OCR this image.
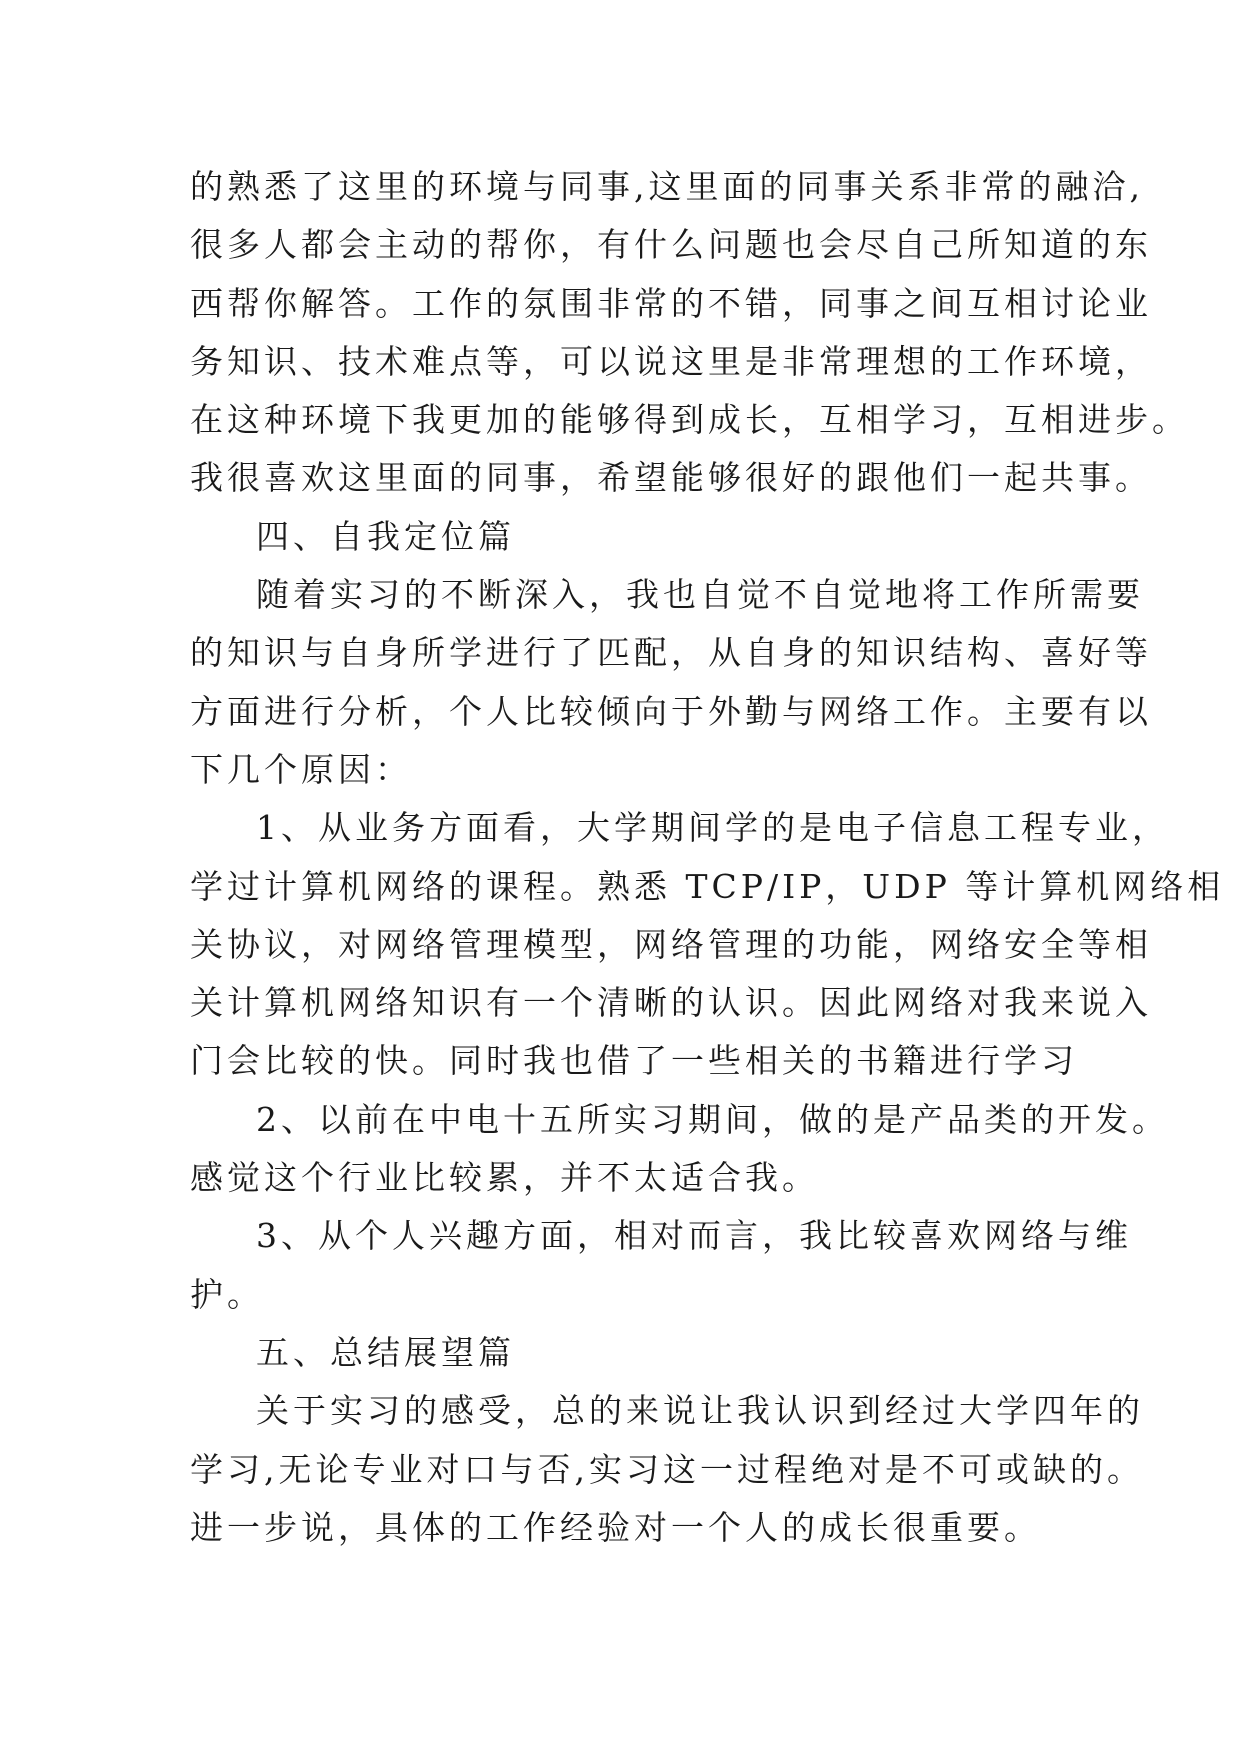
的熟悉了这里的环境与同事,这里面的同事关系非常的融洽,
很多人都会主动的帮你，有什么问题也会尽自己所知道的东
西帮你解答。工作的氛围非常的不错，同事之间互相讨论业
务知识、技术难点等，可以说这里是非常理想的工作环境，
在这种环境下我更加的能够得到成长，互相学习，互相进步。
我很喜欢这里面的同事，希望能够很好的跟他们一起共事。
四、自我定位篇
随着实习的不断深入，我也自觉不自觉地将工作所需要
的知识与自身所学进行了匹配，从自身的知识结构、喜好等
方面进行分析，个人比较倾向于外勤与网络工作。主要有以
下几个原因：
1、从业务方面看，大学期间学的是电子信息工程专业，
学过计算机网络的课程。熟悉 TCP/IP，UDP 等计算机网络相
关协议，对网络管理模型，网络管理的功能，网络安全等相
关计算机网络知识有一个清晰的认识。因此网络对我来说入
门会比较的快。同时我也借了一些相关的书籍进行学习
2、以前在中电十五所实习期间，做的是产品类的开发。
感觉这个行业比较累，并不太适合我。
3、从个人兴趣方面，相对而言，我比较喜欢网络与维
护。
五、总结展望篇
关于实习的感受，总的来说让我认识到经过大学四年的
学习,无论专业对口与否,实习这一过程绝对是不可或缺的。
进一步说，具体的工作经验对一个人的成长很重要。
